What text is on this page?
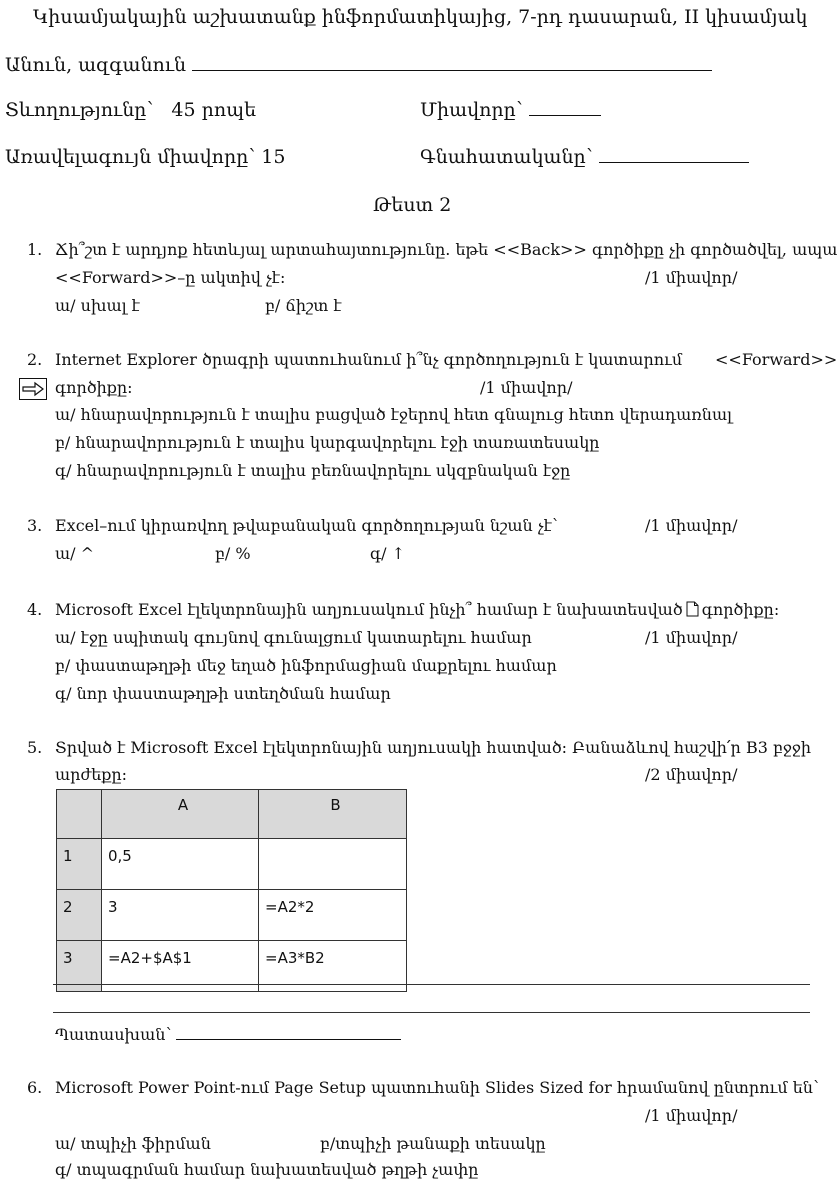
Կիսամյակային աշխատանք ինֆորմատիկայից, 7-րդ դասարան, II կիսամյակ
Անուն, ազգանուն
Տևողությունը՝ 45 րոպե	Միավորը՝
Առավելագույն միավորը՝ 15	Գնահատականը՝
Թեստ 2
1. Ճի՞շտ է արդյոք հետևյալ արտահայտությունը. եթե <<Back>> գործիքը չի գործածվել, ապա
<<Forward>>–ը ակտիվ չէ:	/1 միավոր/
ա/ սխալ է	բ/ ճիշտ է
2. Internet Explorer ծրագրի պատուհանում ի՞նչ գործողություն է կատարում <<Forward>>
գործիքը:	/1 միավոր/
ա/ հնարավորություն է տալիս բացված էջերով հետ գնալուց հետո վերադառնալ
բ/ հնարավորություն է տալիս կարգավորելու էջի տառատեսակը
գ/ հնարավորություն է տալիս բեռնավորելու սկզբնական էջը
3. Excel–ում կիրառվող թվաբանական գործողության նշան չէ՝	/1 միավոր/
ա/ ^	բ/ %	գ/ ↑
4. Microsoft Excel էլեկտրոնային աղյուսակում ինչի՞ համար է նախատեսված գործիքը:
ա/ էջը սպիտակ գույնով գունալցում կատարելու համար	/1 միավոր/
բ/ փաստաթղթի մեջ եղած ինֆորմացիան մաքրելու համար
գ/ նոր փաստաթղթի ստեղծման համար
5. Տրված է Microsoft Excel էլեկտրոնային աղյուսակի հատված: Բանաձևով հաշվի՛ր B3 բջջի
արժեքը:	/2 միավոր/
	A	B
1	0,5	
2	3	=A2*2
3	=A2+$A$1	=A3*B2
Պատասխան՝
6. Microsoft Power Point-ում Page Setup պատուհանի Slides Sized for հրամանով ընտրում են՝
/1 միավոր/
ա/ տպիչի ֆիրման	բ/տպիչի թանաքի տեսակը
գ/ տպագրման համար նախատեսված թղթի չափը
